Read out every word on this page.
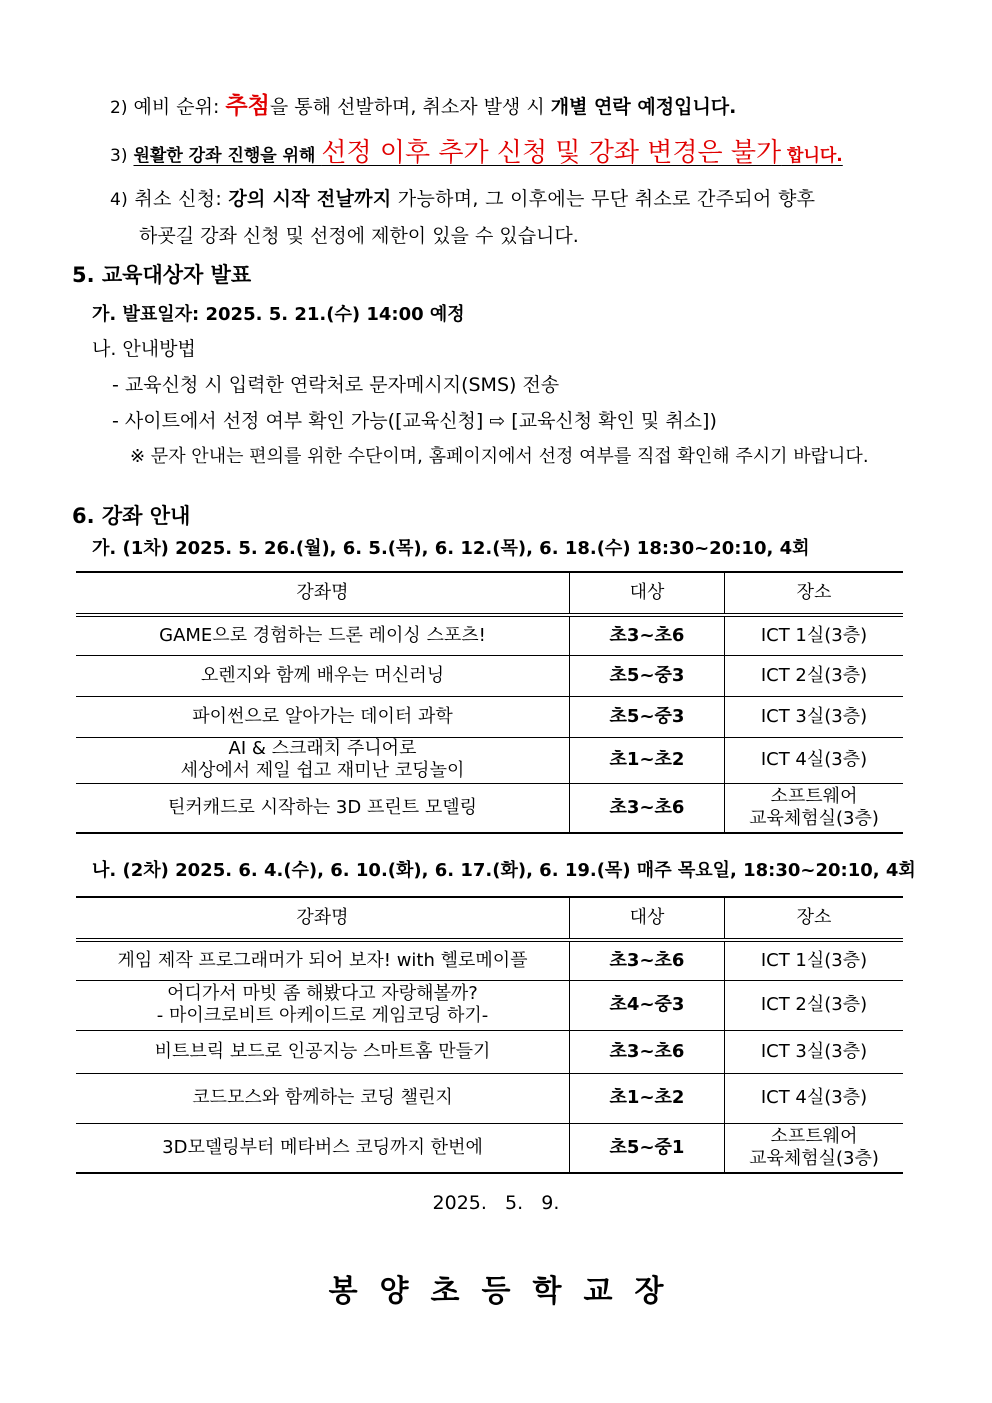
2) 예비 순위: 추첨을 통해 선발하며, 취소자 발생 시 개별 연락 예정입니다.
3) 원활한 강좌 진행을 위해 선정 이후 추가 신청 및 강좌 변경은 불가 합니다.
4) 취소 신청: 강의 시작 전날까지 가능하며, 그 이후에는 무단 취소로 간주되어 향후
하굣길 강좌 신청 및 선정에 제한이 있을 수 있습니다.
5. 교육대상자 발표
가. 발표일자: 2025. 5. 21.(수) 14:00 예정
나. 안내방법
- 교육신청 시 입력한 연락처로 문자메시지(SMS) 전송
- 사이트에서 선정 여부 확인 가능([교육신청] ⇨ [교육신청 확인 및 취소])
※ 문자 안내는 편의를 위한 수단이며, 홈페이지에서 선정 여부를 직접 확인해 주시기 바랍니다.
6. 강좌 안내
가. (1차) 2025. 5. 26.(월), 6. 5.(목), 6. 12.(목), 6. 18.(수) 18:30~20:10, 4회
강좌명	대상	장소
GAME으로 경험하는 드론 레이싱 스포츠!	초3~초6	ICT 1실(3층)
오렌지와 함께 배우는 머신러닝	초5~중3	ICT 2실(3층)
파이썬으로 알아가는 데이터 과학	초5~중3	ICT 3실(3층)

AI & 스크래치 주니어로
세상에서 제일 쉽고 재미난 코딩놀이	초1~초2	ICT 4실(3층)
틴커캐드로 시작하는 3D 프린트 모델링	초3~초6	소프트웨어
교육체험실(3층)
나. (2차) 2025. 6. 4.(수), 6. 10.(화), 6. 17.(화), 6. 19.(목) 매주 목요일, 18:30~20:10, 4회
강좌명	대상	장소
게임 제작 프로그래머가 되어 보자! with 헬로메이플	초3~초6	ICT 1실(3층)

어디가서 마빗 좀 해봤다고 자랑해볼까?
- 마이크로비트 아케이드로 게임코딩 하기-	초4~중3	ICT 2실(3층)
비트브릭 보드로 인공지능 스마트홈 만들기	초3~초6	ICT 3실(3층)
코드모스와 함께하는 코딩 챌린지	초1~초2	ICT 4실(3층)
3D모델링부터 메타버스 코딩까지 한번에	초5~중1	소프트웨어
교육체험실(3층)
2025.   5.   9.
봉양초등학교장
